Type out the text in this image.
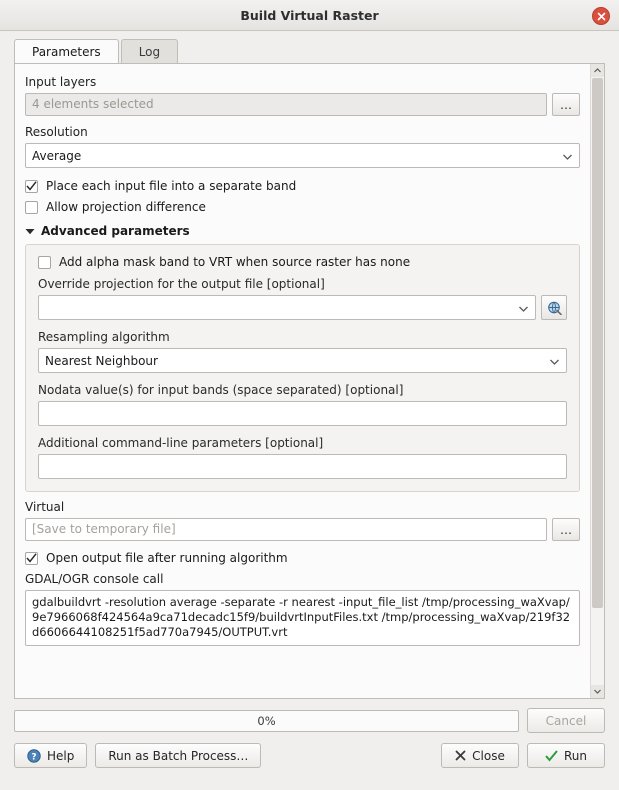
Build Virtual Raster
Parameters	Log
Input layers
4 elements selected	…
Resolution
Average
Place each input file into a separate band
Allow projection difference
Advanced parameters
Add alpha mask band to VRT when source raster has none
Override projection for the output file [optional]
Resampling algorithm
Nearest Neighbour
Nodata value(s) for input bands (space separated) [optional]
Additional command-line parameters [optional]
Virtual
[Save to temporary file]	…
Open output file after running algorithm
GDAL/OGR console call
gdalbuildvrt -resolution average -separate -r nearest -input_file_list /tmp/processing_waXvap/9e7966068f424564a9ca71decadc15f9/buildvrtInputFiles.txt /tmp/processing_waXvap/219f32d6606644108251f5ad770a7945/OUTPUT.vrt
0%	Cancel
? Help	Run as Batch Process…	Close	Run
